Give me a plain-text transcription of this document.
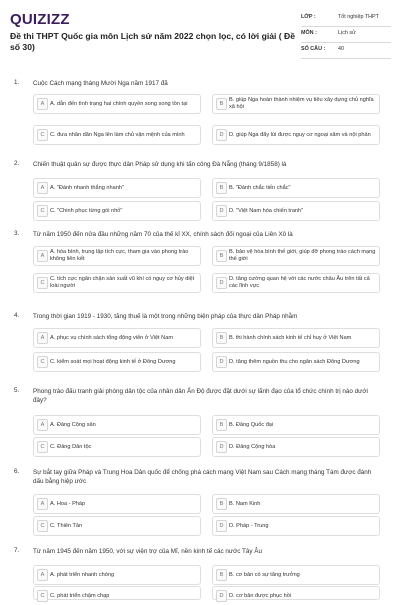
QUIZIZZ
Đề thi THPT Quốc gia môn Lịch sử năm 2022 chọn lọc, có lời giải ( Đề số 30)
LỚP :	Tốt nghiệp THPT
MÔN :	Lịch sử
SỐ CÂU : 40
1. Cuộc Cách mạng tháng Mười Nga năm 1917 đã
A	A. dẫn đến tình trạng hai chính quyền song song tồn tại	B
B. giúp Nga hoàn thành nhiệm vụ tiêu xây dựng chủ nghĩa xã hội
C C. đưa nhân dân Nga lên làm chủ vận mệnh của mình	D D. giúp Nga đẩy lùi được nguy cơ ngoại xâm và nội phản
2. Chiến thuật quân sự được thực dân Pháp sử dụng khi tấn công Đà Nẵng (tháng 9/1858) là
A	A. "Đánh nhanh thắng nhanh"	B	B. "Đánh chắc tiến chắc"
C C. "Chinh phục từng gói nhỏ"	D D. "Việt Nam hóa chiến tranh"
3. Từ năm 1950 đến nửa đầu những năm 70 của thế kỉ XX, chính sách đối ngoại của Liên Xô là
A
A. hòa bình, trung lập tích cực, tham gia vào phong trào không liên kết	B
B. bảo vệ hòa bình thế giới, giúp đỡ phong trào cách mạng thế giới
C
C. tích cực ngăn chặn sản xuất vũ khí có nguy cơ hủy diệt loài người	D
D. tăng cường quan hệ với các nước châu Âu trên tất cả các lĩnh vực
4. Trong thời gian 1919 - 1930, tăng thuế là một trong những biện pháp của thực dân Pháp nhằm
A	A. phục vụ chính sách tổng động viên ở Việt Nam	B	B. thi hành chính sách kinh tế chỉ huy ở Việt Nam
C C. kiểm soát mọi hoạt động kinh tế ở Đông Dương	D D. tăng thêm nguồn thu cho ngân sách Đông Dương
5. Phong trào đấu tranh giải phóng dân tộc của nhân dân Ấn Độ được đặt dưới sự lãnh đạo của tổ chức chính trị nào dưới đây?
A	A. Đảng Cộng sản	B	B. Đảng Quốc đại
C C. Đảng Dân tộc	D D. Đảng Cộng hòa
6. Sự bắt tay giữa Pháp và Trung Hoa Dân quốc để chống phá cách mạng Việt Nam sau Cách mạng tháng Tám được đánh dấu bằng hiệp ước
A	A. Hoa - Pháp	B	B. Nam Kinh
C C. Thiên Tân	D D. Pháp - Trung
7. Từ năm 1945 đến năm 1950, với sự viện trợ của Mĩ, nền kinh tế các nước Tây Âu
A	A. phát triển nhanh chóng	B	B. cơ bản có sự tăng trưởng
C C. phát triển chậm chạp	D D. cơ bản được phục hồi
